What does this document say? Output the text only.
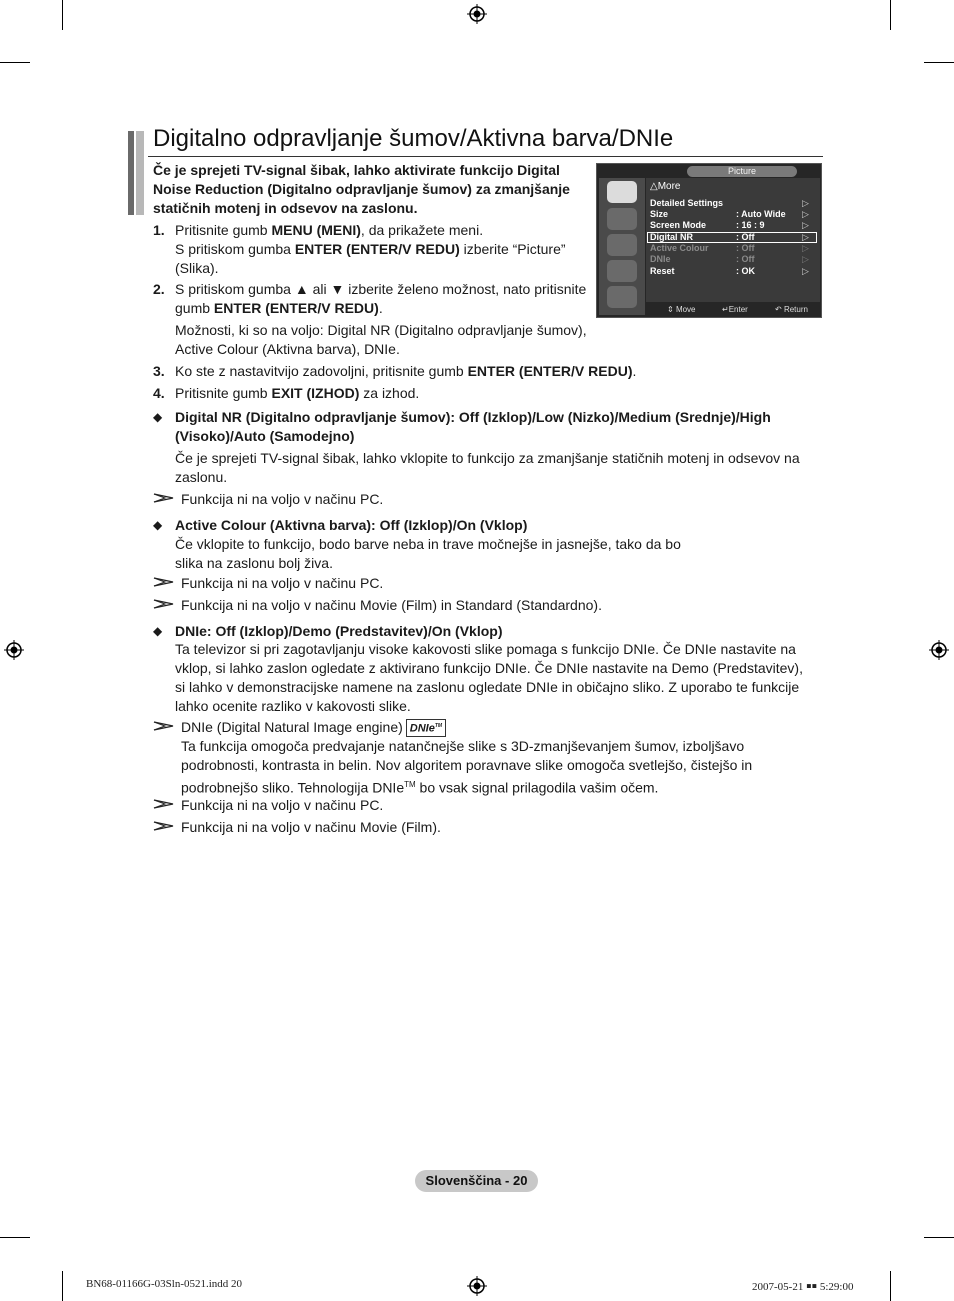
Digitalno odpravljanje šumov/Aktivna barva/DNIe
Če je sprejeti TV-signal šibak, lahko aktivirate funkcijo Digital
Noise Reduction (Digitalno odpravljanje šumov) za zmanjšanje
statičnih motenj in odsevov na zaslonu.
1. Pritisnite gumb MENU (MENI), da prikažete meni.
S pritiskom gumba ENTER (ENTER/V REDU) izberite “Picture”
(Slika).
2. S pritiskom gumba ▲ ali ▼ izberite želeno možnost, nato pritisnite
gumb ENTER (ENTER/V REDU).
Možnosti, ki so na voljo: Digital NR (Digitalno odpravljanje šumov),
Active Colour (Aktivna barva), DNIe.
3. Ko ste z nastavitvijo zadovoljni, pritisnite gumb ENTER (ENTER/V REDU).
4. Pritisnite gumb EXIT (IZHOD) za izhod.
◆ Digital NR (Digitalno odpravljanje šumov): Off (Izklop)/Low (Nizko)/Medium (Srednje)/High
(Visoko)/Auto (Samodejno)
Če je sprejeti TV-signal šibak, lahko vklopite to funkcijo za zmanjšanje statičnih motenj in odsevov na
zaslonu.
Funkcija ni na voljo v načinu PC.
◆ Active Colour (Aktivna barva): Off (Izklop)/On (Vklop)
Če vklopite to funkcijo, bodo barve neba in trave močnejše in jasnejše, tako da bo
slika na zaslonu bolj živa.
Funkcija ni na voljo v načinu PC.
Funkcija ni na voljo v načinu Movie (Film) in Standard (Standardno).
◆ DNIe: Off (Izklop)/Demo (Predstavitev)/On (Vklop)
Ta televizor si pri zagotavljanju visoke kakovosti slike pomaga s funkcijo DNIe. Če DNIe nastavite na
vklop, si lahko zaslon ogledate z aktivirano funkcijo DNIe. Če DNIe nastavite na Demo (Predstavitev),
si lahko v demonstracijske namene na zaslonu ogledate DNIe in običajno sliko. Z uporabo te funkcije
lahko ocenite razliko v kakovosti slike.
DNIe (Digital Natural Image engine) DNIe™
Ta funkcija omogoča predvajanje natančnejše slike s 3D-zmanjševanjem šumov, izboljšavo
podrobnosti, kontrasta in belin. Nov algoritem poravnave slike omogoča svetlejšo, čistejšo in
podrobnejšo sliko. Tehnologija DNIe™ bo vsak signal prilagodila vašim očem.
Funkcija ni na voljo v načinu PC.
Funkcija ni na voljo v načinu Movie (Film).
Picture
△More
Detailed Settings	▷
Size	: Auto Wide ▷
Screen Mode	: 16 : 9	▷
Digital NR	: Off	▷
Active Colour	: Off	▷
DNIe	: Off	▷
Reset	: OK	▷
⇕ Move	↵Enter	↶ Return
Slovenščina - 20
BN68-01166G-03Sln-0521.indd 20	2007-05-21 ￭￭ 5:29:00
